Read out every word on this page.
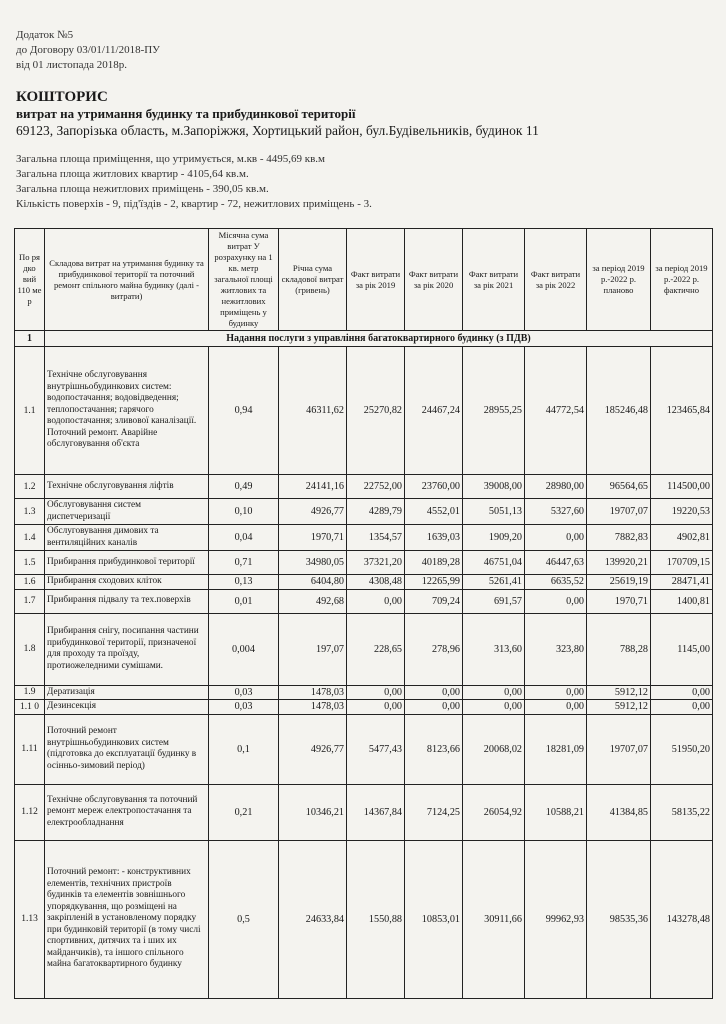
Додаток №5
до Договору 03/01/11/2018-ПУ
від 01 листопада 2018р.
КОШТОРИС
витрат на утримання будинку та прибудинкової території
69123, Запорізька область, м.Запоріжжя, Хортицький район, бул.Будівельників, будинок 11
Загальна площа приміщення, що утримується, м.кв - 4495,69 кв.м
Загальна площа житлових квартир - 4105,64 кв.м.
Загальна площа нежитлових приміщень - 390,05 кв.м.
Кількість поверхів - 9, під'їздів - 2, квартир - 72, нежитлових приміщень - 3.
По ря дко вий 110 ме р	Складова витрат на утримання будинку та прибудинкової території та поточний ремонт спільного майна будинку (далі - витрати)	Місячна сума витрат У розрахунку на 1 кв. метр загальної площі житлових та нежитлових приміщень у будинку	Річна сума складової витрат (гривень)	Факт витрати за рік 2019	Факт витрати за рік 2020	Факт витрати за рік 2021	Факт витрати за рік 2022	за період 2019 р.-2022 р. планово	за період 2019 р.-2022 р. фактично
1	Надання послуги з управління багатоквартирного будинку (з ПДВ)								
1.1	Технічне обслуговування внутрішньобудинкових систем: водопостачання; водовідведення; теплопостачання; гарячого водопостачання; зливової каналізації. Поточний ремонт. Аварійне обслуговування об'єкта	0,94	46311,62	25270,82	24467,24	28955,25	44772,54	185246,48	123465,84
1.2	Технічне обслуговування ліфтів	0,49	24141,16	22752,00	23760,00	39008,00	28980,00	96564,65	114500,00
1.3	Обслуговування систем диспетчеризації	0,10	4926,77	4289,79	4552,01	5051,13	5327,60	19707,07	19220,53
1.4	Обслуговування димових та вентиляційних каналів	0,04	1970,71	1354,57	1639,03	1909,20	0,00	7882,83	4902,81
1.5	Прибирання прибудинкової території	0,71	34980,05	37321,20	40189,28	46751,04	46447,63	139920,21	170709,15
1.6	Прибирання сходових кліток	0,13	6404,80	4308,48	12265,99	5261,41	6635,52	25619,19	28471,41
1.7	Прибирання підвалу та тех.поверхів	0,01	492,68	0,00	709,24	691,57	0,00	1970,71	1400,81
1.8	Прибирання снігу, посипання частини прибудинкової території, призначеної для проходу та проїзду, протиожеледними сумішами.	0,004	197,07	228,65	278,96	313,60	323,80	788,28	1145,00
1.9	Дератизація	0,03	1478,03	0,00	0,00	0,00	0,00	5912,12	0,00
1.1 0	Дезинсекція	0,03	1478,03	0,00	0,00	0,00	0,00	5912,12	0,00
1.11	Поточний ремонт внутрішньобудинкових систем (підготовка до експлуатації будинку в осінньо-зимовий період)	0,1	4926,77	5477,43	8123,66	20068,02	18281,09	19707,07	51950,20
1.12	Технічне обслуговування та поточний ремонт мереж електропостачання та електрообладнання	0,21	10346,21	14367,84	7124,25	26054,92	10588,21	41384,85	58135,22
1.13	Поточний ремонт: - конструктивних елементів, технічних пристроїв будинків та елементів зовнішнього упорядкування, що розміщені на закріпленій в установленому порядку при будинковій території (в тому числі спортивних, дитячих та і ших их майданчиків), та іншого спільного майна багатоквартирного будинку	0,5	24633,84	1550,88	10853,01	30911,66	99962,93	98535,36	143278,48
